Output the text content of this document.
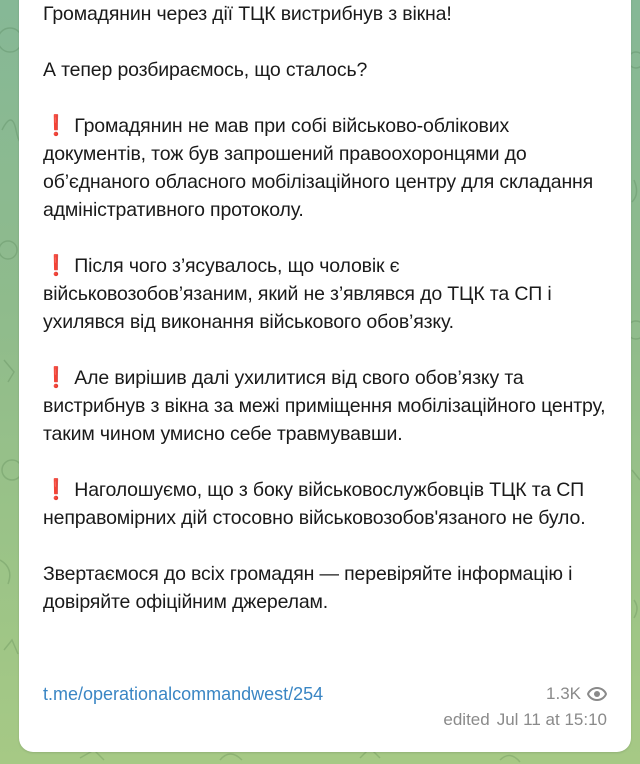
Громадянин через дії ТЦК вистрибнув з вікна!
А тепер розбираємось, що сталось?
❗ Громадянин не мав при собі військово-облікових документів, тож був запрошений правоохоронцями до об’єднаного обласного мобілізаційного центру для складання адміністративного протоколу.
❗ Після чого з’ясувалось, що чоловік є військовозобов’язаним, який не з’являвся до ТЦК та СП і ухилявся від виконання військового обов’язку.
❗ Але вирішив далі ухилитися від свого обов’язку та вистрибнув з вікна за межі приміщення мобілізаційного центру, таким чином умисно себе травмувавши.
❗ Наголошуємо, що з боку військовослужбовців ТЦК та СП неправомірних дій стосовно військовозобов'язаного не було.
Звертаємося до всіх громадян — перевіряйте інформацію і довіряйте офіційним джерелам.
t.me/operationalcommandwest/254	1.3K
edited Jul 11 at 15:10
